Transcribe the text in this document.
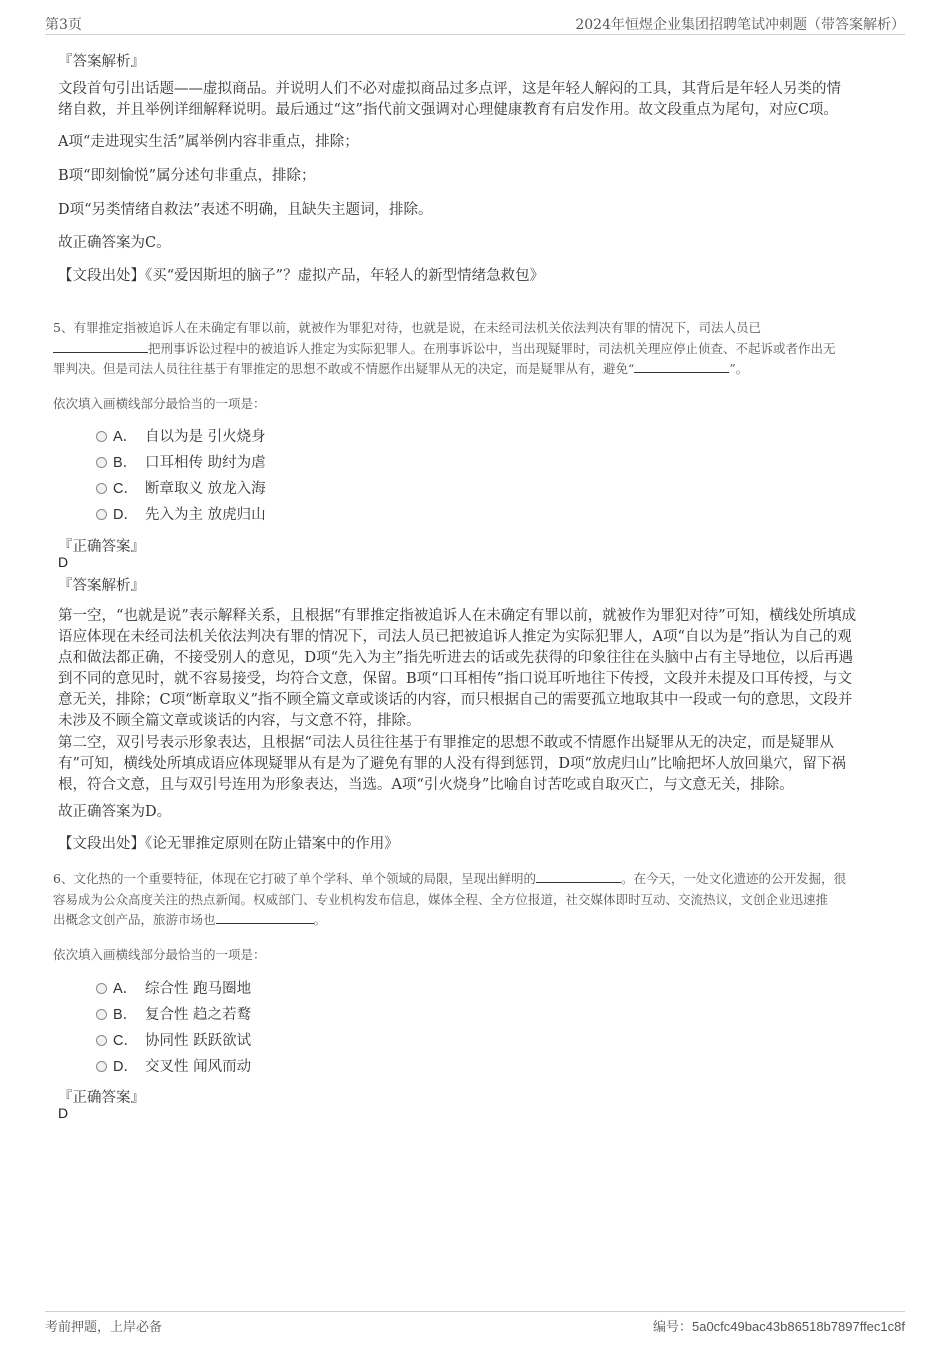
第3页	2024年恒煜企业集团招聘笔试冲刺题（带答案解析）
『答案解析』
文段首句引出话题——虚拟商品。并说明人们不必对虚拟商品过多点评，这是年轻人解闷的工具，其背后是年轻人另类的情
绪自救，并且举例详细解释说明。最后通过“这”指代前文强调对心理健康教育有启发作用。故文段重点为尾句，对应C项。
A项“走进现实生活”属举例内容非重点，排除；
B项“即刻愉悦”属分述句非重点，排除；
D项“另类情绪自救法”表述不明确，且缺失主题词，排除。
故正确答案为C。
【文段出处】《买“爱因斯坦的脑子”？虚拟产品，年轻人的新型情绪急救包》
5、有罪推定指被追诉人在未确定有罪以前，就被作为罪犯对待，也就是说，在未经司法机关依法判决有罪的情况下，司法人员已
把刑事诉讼过程中的被追诉人推定为实际犯罪人。在刑事诉讼中，当出现疑罪时，司法机关理应停止侦查、不起诉或者作出无
罪判决。但是司法人员往往基于有罪推定的思想不敢或不情愿作出疑罪从无的决定，而是疑罪从有，避免“	”。
依次填入画横线部分最恰当的一项是：
A． 自以为是 引火烧身
B． 口耳相传 助纣为虐
C． 断章取义 放龙入海
D． 先入为主 放虎归山
『正确答案』
D
『答案解析』
第一空，“也就是说”表示解释关系，且根据“有罪推定指被追诉人在未确定有罪以前，就被作为罪犯对待”可知，横线处所填成
语应体现在未经司法机关依法判决有罪的情况下，司法人员已把被追诉人推定为实际犯罪人，A项“自以为是”指认为自己的观
点和做法都正确，不接受别人的意见，D项“先入为主”指先听进去的话或先获得的印象往往在头脑中占有主导地位，以后再遇
到不同的意见时，就不容易接受，均符合文意，保留。B项“口耳相传”指口说耳听地往下传授，文段并未提及口耳传授，与文
意无关，排除；C项“断章取义”指不顾全篇文章或谈话的内容，而只根据自己的需要孤立地取其中一段或一句的意思，文段并
未涉及不顾全篇文章或谈话的内容，与文意不符，排除。
第二空，双引号表示形象表达，且根据“司法人员往往基于有罪推定的思想不敢或不情愿作出疑罪从无的决定，而是疑罪从
有”可知，横线处所填成语应体现疑罪从有是为了避免有罪的人没有得到惩罚，D项“放虎归山”比喻把坏人放回巢穴，留下祸
根，符合文意，且与双引号连用为形象表达，当选。A项“引火烧身”比喻自讨苦吃或自取灭亡，与文意无关，排除。
故正确答案为D。
【文段出处】《论无罪推定原则在防止错案中的作用》
6、文化热的一个重要特征，体现在它打破了单个学科、单个领域的局限，呈现出鲜明的	。在今天，一处文化遗迹的公开发掘，很
容易成为公众高度关注的热点新闻。权威部门、专业机构发布信息，媒体全程、全方位报道，社交媒体即时互动、交流热议，文创企业迅速推
出概念文创产品，旅游市场也	。
依次填入画横线部分最恰当的一项是：
A． 综合性 跑马圈地
B． 复合性 趋之若鹜
C． 协同性 跃跃欲试
D． 交叉性 闻风而动
『正确答案』
D
考前押题，上岸必备	编号：5a0cfc49bac43b86518b7897ffec1c8f
